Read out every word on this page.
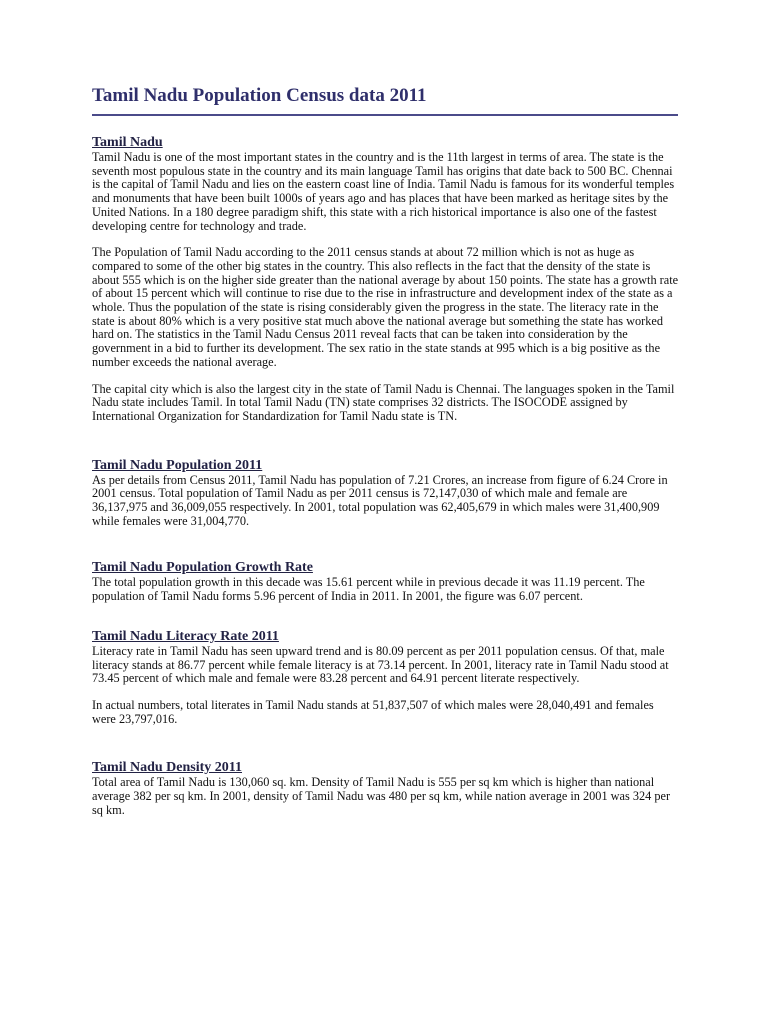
Tamil Nadu Population Census data 2011
Tamil Nadu

Tamil Nadu is one of the most important states in the country and is the 11th largest in terms of area. The state is the seventh most populous state in the country and its main language Tamil has origins that date back to 500 BC. Chennai is the capital of Tamil Nadu and lies on the eastern coast line of India. Tamil Nadu is famous for its wonderful temples and monuments that have been built 1000s of years ago and has places that have been marked as heritage sites by the United Nations. In a 180 degree paradigm shift, this state with a rich historical importance is also one of the fastest developing centre for technology and trade.

The Population of Tamil Nadu according to the 2011 census stands at about 72 million which is not as huge as compared to some of the other big states in the country. This also reflects in the fact that the density of the state is about 555 which is on the higher side greater than the national average by about 150 points. The state has a growth rate of about 15 percent which will continue to rise due to the rise in infrastructure and development index of the state as a whole. Thus the population of the state is rising considerably given the progress in the state. The literacy rate in the state is about 80% which is a very positive stat much above the national average but something the state has worked hard on. The statistics in the Tamil Nadu Census 2011 reveal facts that can be taken into consideration by the government in a bid to further its development. The sex ratio in the state stands at 995 which is a big positive as the number exceeds the national average.

The capital city which is also the largest city in the state of Tamil Nadu is Chennai. The languages spoken in the Tamil Nadu state includes Tamil. In total Tamil Nadu (TN) state comprises 32 districts. The ISOCODE assigned by International Organization for Standardization for Tamil Nadu state is TN.

Tamil Nadu Population 2011

As per details from Census 2011, Tamil Nadu has population of 7.21 Crores, an increase from figure of 6.24 Crore in 2001 census. Total population of Tamil Nadu as per 2011 census is 72,147,030 of which male and female are 36,137,975 and 36,009,055 respectively. In 2001, total population was 62,405,679 in which males were 31,400,909 while females were 31,004,770.

Tamil Nadu Population Growth Rate

The total population growth in this decade was 15.61 percent while in previous decade it was 11.19 percent. The population of Tamil Nadu forms 5.96 percent of India in 2011. In 2001, the figure was 6.07 percent.

Tamil Nadu Literacy Rate 2011

Literacy rate in Tamil Nadu has seen upward trend and is 80.09 percent as per 2011 population census. Of that, male literacy stands at 86.77 percent while female literacy is at 73.14 percent. In 2001, literacy rate in Tamil Nadu stood at 73.45 percent of which male and female were 83.28 percent and 64.91 percent literate respectively.

In actual numbers, total literates in Tamil Nadu stands at 51,837,507 of which males were 28,040,491 and females were 23,797,016.

Tamil Nadu Density 2011

Total area of Tamil Nadu is 130,060 sq. km. Density of Tamil Nadu is 555 per sq km which is higher than national average 382 per sq km. In 2001, density of Tamil Nadu was 480 per sq km, while nation average in 2001 was 324 per sq km.
